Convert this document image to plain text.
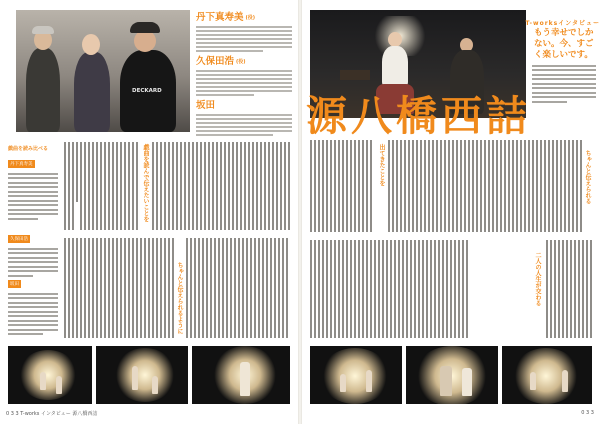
DECKARD
丹下真寿美 $^{(役)}$
久保田浩 $^{(役)}$
坂田
戯曲を読み比べる
丹下真寿美
久保田浩
坂田
戯曲を読んで伝えたいことを
ちゃんと伝えられるように
0 3 3 T-works インタビュー 源八橋西詰
T-worksインタビュー
もう幸せでしかない。今、すごく楽しいです。
源八橋西詰
出てきたことを	ちゃんと伝えられる
二人の人生が交わる
0 3 3
